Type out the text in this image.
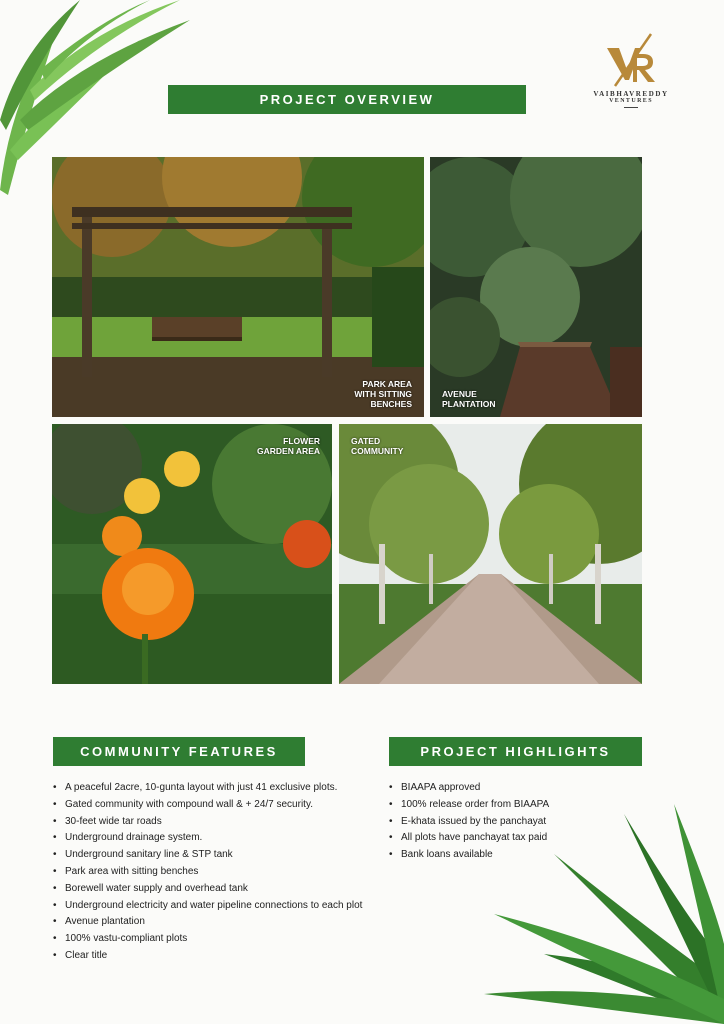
VAIBHAVREDDY
VENTURES
PROJECT OVERVIEW
PARK AREA
WITH SITTING
BENCHES
AVENUE
PLANTATION
FLOWER
GARDEN AREA
GATED
COMMUNITY
COMMUNITY FEATURES	PROJECT HIGHLIGHTS
• A peaceful 2acre, 10-gunta layout with just 41 exclusive plots.
• Gated community with compound wall & + 24/7 security.
• 30-feet wide tar roads
• Underground drainage system.
• Underground sanitary line & STP tank
• Park area with sitting benches
• Borewell water supply and overhead tank
• Underground electricity and water pipeline connections to each plot
• Avenue plantation
• 100% vastu-compliant plots
• Clear title
• BIAAPA approved
• 100% release order from BIAAPA
• E-khata issued by the panchayat
• All plots have panchayat tax paid
• Bank loans available
